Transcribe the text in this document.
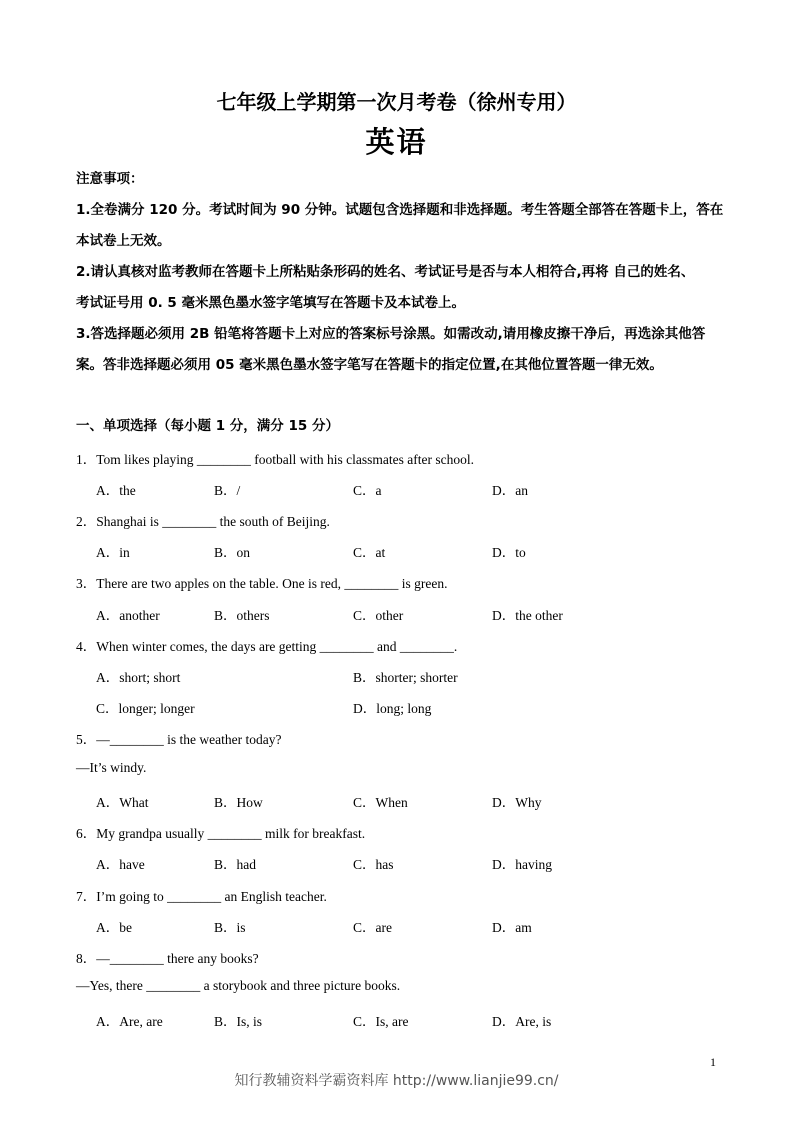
七年级上学期第一次月考卷（徐州专用）
英语

注意事项：

1.全卷满分 120 分。考试时间为 90 分钟。试题包含选择题和非选择题。考生答题全部答在答题卡上，答在

本试卷上无效。

2.请认真核对监考教师在答题卡上所粘贴条形码的姓名、考试证号是否与本人相符合,再将 自己的姓名、

考试证号用 0. 5 毫米黑色墨水签字笔填写在答题卡及本试卷上。

3.答选择题必须用 2B 铅笔将答题卡上对应的答案标号涂黑。如需改动,请用橡皮擦干净后，再选涂其他答

案。答非选择题必须用 05 毫米黑色墨水签字笔写在答题卡的指定位置,在其他位置答题一律无效。

一、单项选择（每小题 1 分，满分 15 分）
1．Tom likes playing ________ football with his classmates after school.
A．the	B．/	C．a	D．an
2．Shanghai is ________ the south of Beijing.
A．in	B．on	C．at	D．to
3．There are two apples on the table. One is red, ________ is green.
A．another	B．others	C．other	D．the other
4．When winter comes, the days are getting ________ and ________.
A．short; short	B．shorter; shorter
C．longer; longer	D．long; long
5．—________ is the weather today?
—It’s windy.
A．What	B．How	C．When	D．Why
6．My grandpa usually ________ milk for breakfast.
A．have	B．had	C．has	D．having
7．I’m going to ________ an English teacher.
A．be	B．is	C．are	D．am
8．—________ there any books?
—Yes, there ________ a storybook and three picture books.
A．Are, are	B．Is, is	C．Is, are	D．Are, is
1
知行教辅资料学霸资料库 http://www.lianjie99.cn/
